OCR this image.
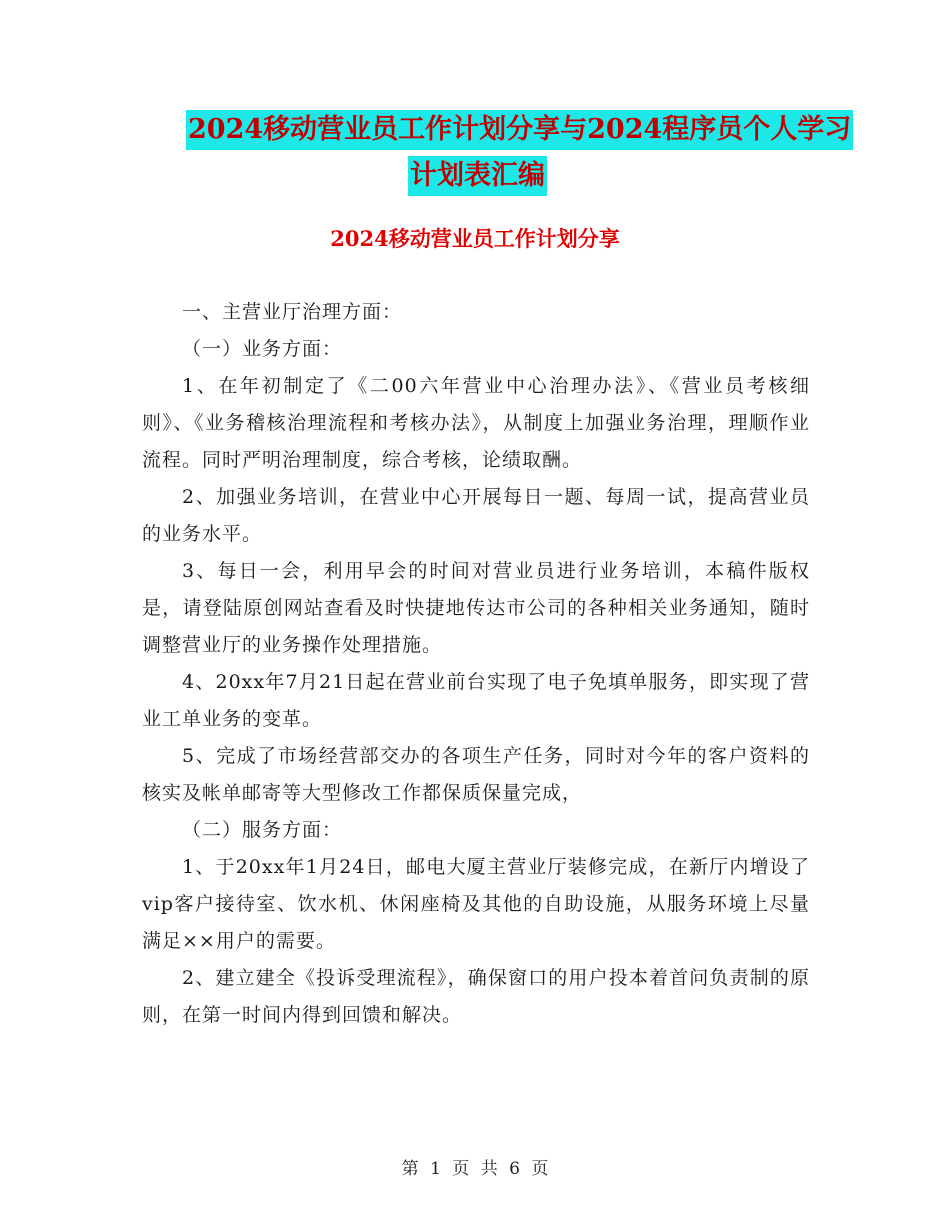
2024移动营业员工作计划分享与2024程序员个人学习
计划表汇编
2024移动营业员工作计划分享

一、主营业厅治理方面：

（一）业务方面：

1、在年初制定了《二00六年营业中心治理办法》、《营业员考核细则》、《业务稽核治理流程和考核办法》，从制度上加强业务治理，理顺作业流程。同时严明治理制度，综合考核，论绩取酬。

2、加强业务培训，在营业中心开展每日一题、每周一试，提高营业员的业务水平。

3、每日一会，利用早会的时间对营业员进行业务培训，本稿件版权是，请登陆原创网站查看及时快捷地传达市公司的各种相关业务通知，随时调整营业厅的业务操作处理措施。

4、20xx年7月21日起在营业前台实现了电子免填单服务，即实现了营业工单业务的变革。

5、完成了市场经营部交办的各项生产任务，同时对今年的客户资料的核实及帐单邮寄等大型修改工作都保质保量完成，

（二）服务方面：

1、于20xx年1月24日，邮电大厦主营业厅装修完成，在新厅内增设了vip客户接待室、饮水机、休闲座椅及其他的自助设施，从服务环境上尽量满足××用户的需要。

2、建立建全《投诉受理流程》，确保窗口的用户投本着首问负责制的原则，在第一时间内得到回馈和解决。

第 1 页 共 6 页
